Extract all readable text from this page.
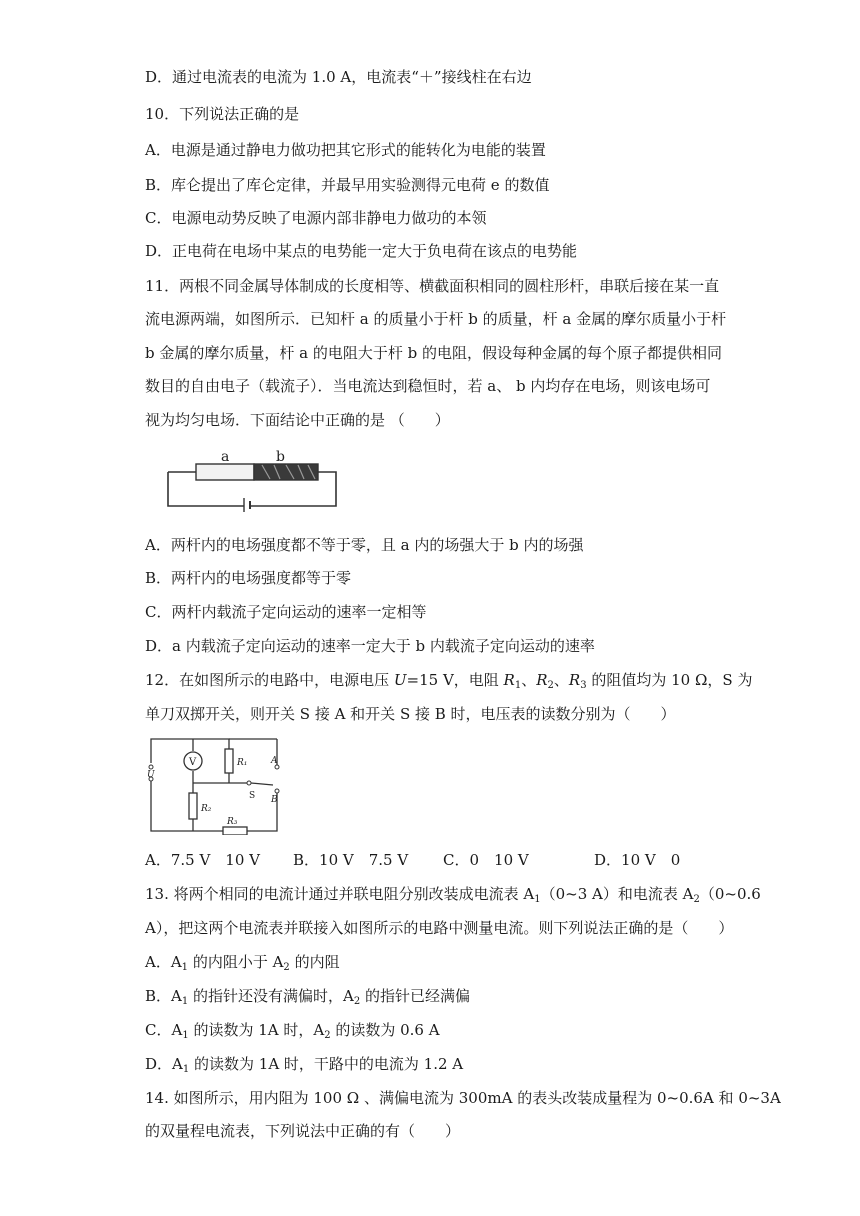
D．通过电流表的电流为 1.0 A，电流表“＋”接线柱在右边
10．下列说法正确的是
A．电源是通过静电力做功把其它形式的能转化为电能的装置
B．库仑提出了库仑定律，并最早用实验测得元电荷 e 的数值
C．电源电动势反映了电源内部非静电力做功的本领
D．正电荷在电场中某点的电势能一定大于负电荷在该点的电势能
11．两根不同金属导体制成的长度相等、横截面积相同的圆柱形杆，串联后接在某一直
流电源两端，如图所示．已知杆 a 的质量小于杆 b 的质量，杆 a 金属的摩尔质量小于杆
b 金属的摩尔质量，杆 a 的电阻大于杆 b 的电阻，假设每种金属的每个原子都提供相同
数目的自由电子（载流子）．当电流达到稳恒时，若 a、 b 内均存在电场，则该电场可
视为均匀电场．下面结论中正确的是 （　　）
a	b
A．两杆内的电场强度都不等于零，且 a 内的场强大于 b 内的场强
B．两杆内的电场强度都等于零
C．两杆内载流子定向运动的速率一定相等
D．a 内载流子定向运动的速率一定大于 b 内载流子定向运动的速率
12．在如图所示的电路中，电源电压 U=15 V，电阻 $R_1$、$R_2$、$R_3$ 的阻值均为 10 Ω，S 为
单刀双掷开关，则开关 S 接 A 和开关 S 接 B 时，电压表的读数分别为（　　）
V	R₁
R₂
R₃
U
A
B
S
A．7.5 V　10 V B．10 V　7.5 V C．0　10 V	D．10 V　0
13. 将两个相同的电流计通过并联电阻分别改装成电流表 $A_1(0\sim 3$ A）和电流表 $A_2(0\sim 0.6$
A），把这两个电流表并联接入如图所示的电路中测量电流。则下列说法正确的是（　　）
A．$A_1$ 的内阻小于 $A_2$ 的内阻
B．$A_1$ 的指针还没有满偏时，$A_2$ 的指针已经满偏
C．$A_1$ 的读数为 1A 时，$A_2$ 的读数为 0.6 A
D．$A_1$ 的读数为 1A 时，干路中的电流为 1.2 A
14. 如图所示，用内阻为 100 Ω 、满偏电流为 300mA 的表头改装成量程为 0~0.6A 和 0~3A
的双量程电流表，下列说法中正确的有（　　）
